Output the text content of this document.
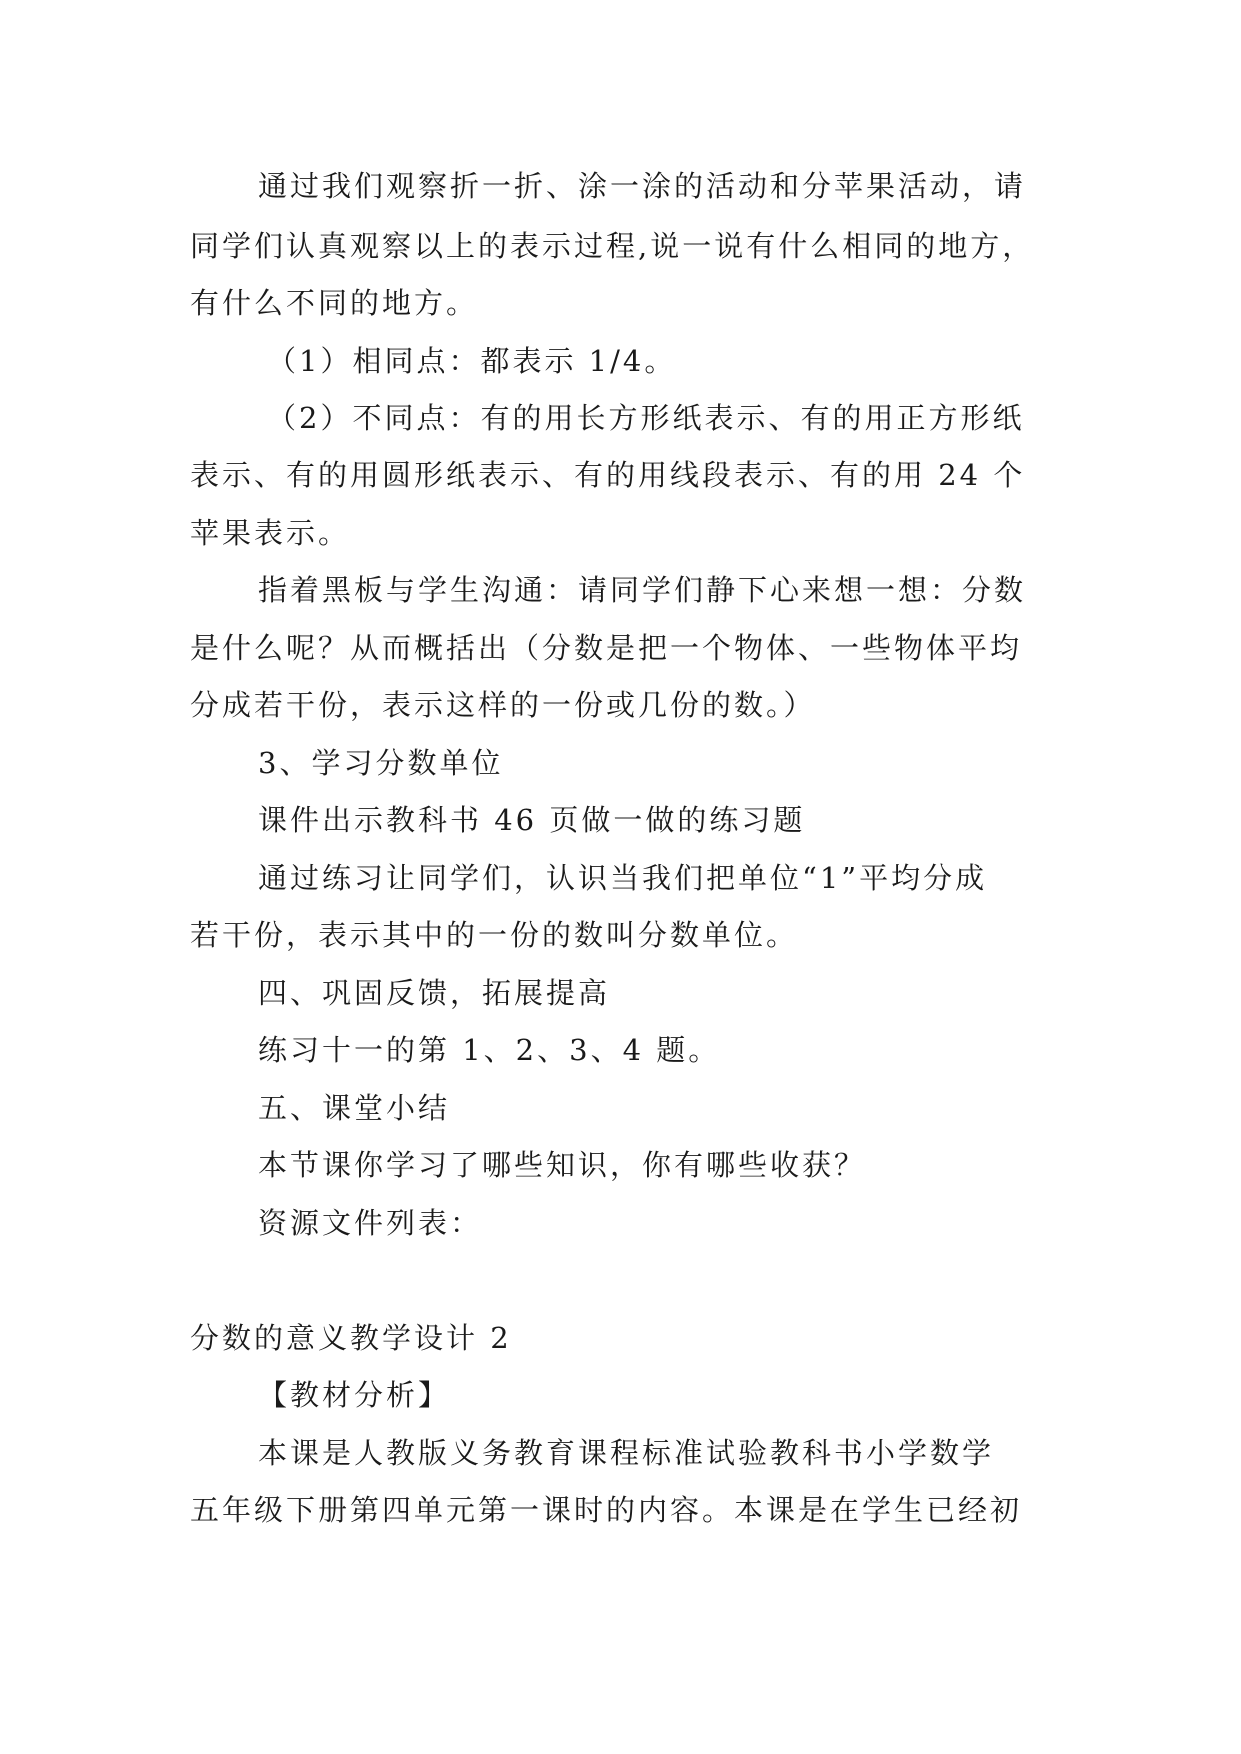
通过我们观察折一折、涂一涂的活动和分苹果活动，请
同学们认真观察以上的表示过程,说一说有什么相同的地方，
有什么不同的地方。
（1）相同点：都表示 1/4。
（2）不同点：有的用长方形纸表示、有的用正方形纸
表示、有的用圆形纸表示、有的用线段表示、有的用 24 个
苹果表示。
指着黑板与学生沟通：请同学们静下心来想一想：分数
是什么呢？从而概括出（分数是把一个物体、一些物体平均
分成若干份，表示这样的一份或几份的数。）
3、学习分数单位
课件出示教科书 46 页做一做的练习题
通过练习让同学们，认识当我们把单位“1”平均分成
若干份，表示其中的一份的数叫分数单位。
四、巩固反馈，拓展提高
练习十一的第 1、2、3、4 题。
五、课堂小结
本节课你学习了哪些知识，你有哪些收获？
资源文件列表：
分数的意义教学设计 2
【教材分析】
本课是人教版义务教育课程标准试验教科书小学数学
五年级下册第四单元第一课时的内容。本课是在学生已经初
